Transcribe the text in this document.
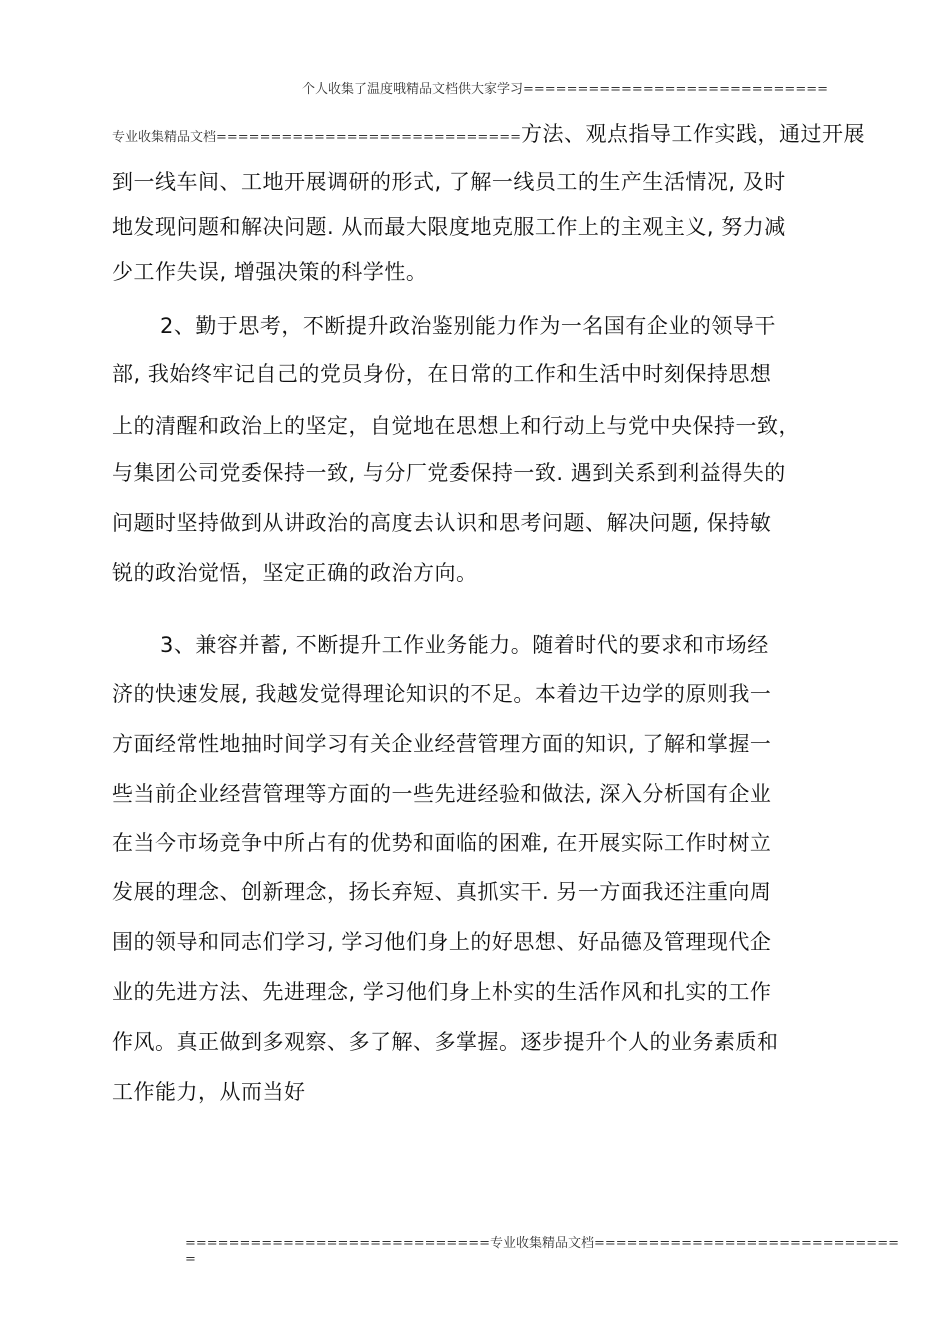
个人收集了温度哦精品文档供大家学习============================
专业收集精品文档============================方法、观点指导工作实践，通过开展
到一线车间、工地开展调研的形式, 了解一线员工的生产生活情况, 及时
地发现问题和解决问题. 从而最大限度地克服工作上的主观主义, 努力减
少工作失误, 增强决策的科学性。
2、勤于思考，不断提升政治鉴别能力作为一名国有企业的领导干
部, 我始终牢记自己的党员身份，在日常的工作和生活中时刻保持思想
上的清醒和政治上的坚定，自觉地在思想上和行动上与党中央保持一致，
与集团公司党委保持一致, 与分厂党委保持一致. 遇到关系到利益得失的
问题时坚持做到从讲政治的高度去认识和思考问题、解决问题, 保持敏
锐的政治觉悟，坚定正确的政治方向。
3、兼容并蓄, 不断提升工作业务能力。随着时代的要求和市场经
济的快速发展, 我越发觉得理论知识的不足。本着边干边学的原则我一
方面经常性地抽时间学习有关企业经营管理方面的知识, 了解和掌握一
些当前企业经营管理等方面的一些先进经验和做法, 深入分析国有企业
在当今市场竞争中所占有的优势和面临的困难, 在开展实际工作时树立
发展的理念、创新理念，扬长弃短、真抓实干. 另一方面我还注重向周
围的领导和同志们学习, 学习他们身上的好思想、好品德及管理现代企
业的先进方法、先进理念, 学习他们身上朴实的生活作风和扎实的工作
作风。真正做到多观察、多了解、多掌握。逐步提升个人的业务素质和
工作能力，从而当好
============================专业收集精品文档============================
=
